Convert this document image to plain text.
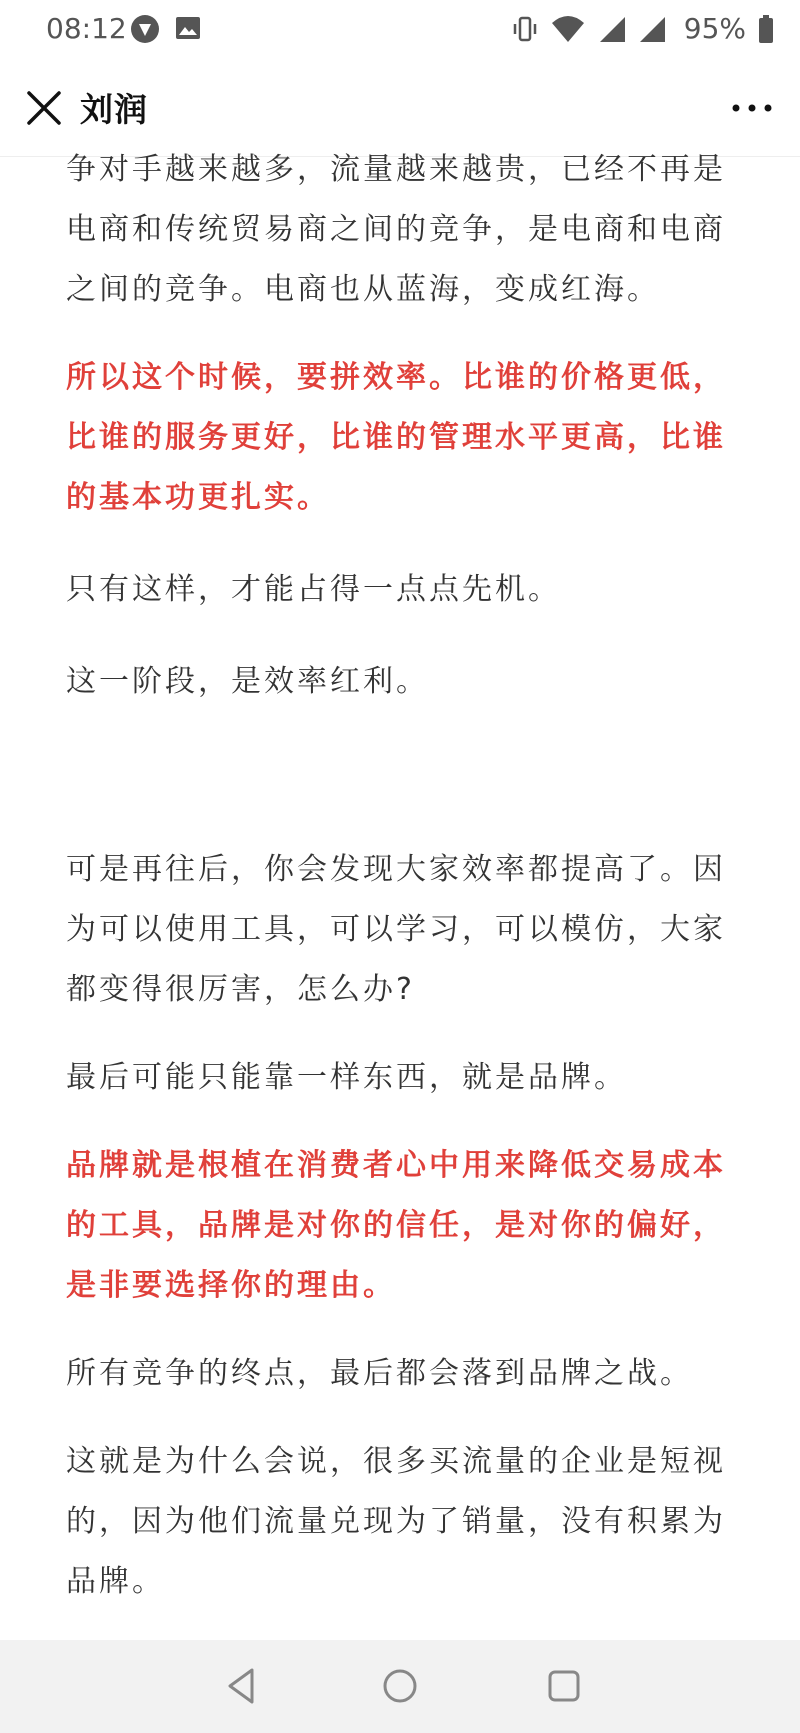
08:12	95%
刘润

争对手越来越多，流量越来越贵，已经不再是电商和传统贸易商之间的竞争，是电商和电商之间的竞争。电商也从蓝海，变成红海。

所以这个时候，要拼效率。比谁的价格更低，比谁的服务更好，比谁的管理水平更高，比谁的基本功更扎实。

只有这样，才能占得一点点先机。

这一阶段，是效率红利。

可是再往后，你会发现大家效率都提高了。因为可以使用工具，可以学习，可以模仿，大家都变得很厉害，怎么办?

最后可能只能靠一样东西，就是品牌。

品牌就是根植在消费者心中用来降低交易成本的工具，品牌是对你的信任，是对你的偏好，是非要选择你的理由。

所有竞争的终点，最后都会落到品牌之战。

这就是为什么会说，很多买流量的企业是短视的，因为他们流量兑现为了销量，没有积累为品牌。
